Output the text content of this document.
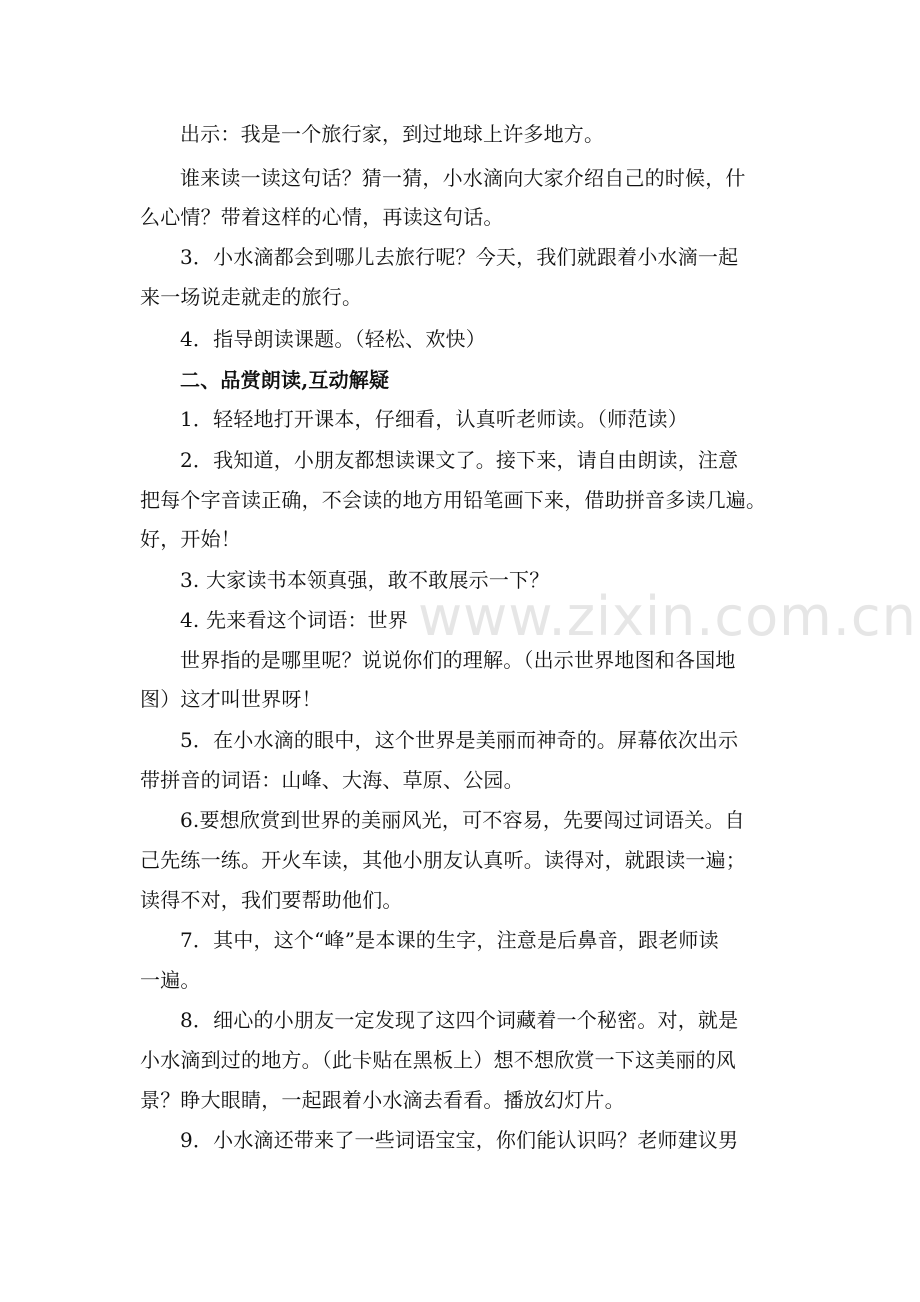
www.zixin.com.cn
出示：我是一个旅行家，到过地球上许多地方。
谁来读一读这句话？猜一猜，小水滴向大家介绍自己的时候，什
么心情？带着这样的心情，再读这句话。
3．小水滴都会到哪儿去旅行呢？今天，我们就跟着小水滴一起
来一场说走就走的旅行。
4．指导朗读课题。（轻松、欢快）
二、品赏朗读,互动解疑
1．轻轻地打开课本，仔细看，认真听老师读。（师范读）
2．我知道，小朋友都想读课文了。接下来，请自由朗读，注意
把每个字音读正确，不会读的地方用铅笔画下来，借助拼音多读几遍。
好，开始！
3. 大家读书本领真强，敢不敢展示一下？
4. 先来看这个词语：世界
世界指的是哪里呢？说说你们的理解。（出示世界地图和各国地
图）这才叫世界呀！
5．在小水滴的眼中，这个世界是美丽而神奇的。屏幕依次出示
带拼音的词语：山峰、大海、草原、公园。
6.要想欣赏到世界的美丽风光，可不容易，先要闯过词语关。自
己先练一练。开火车读，其他小朋友认真听。读得对，就跟读一遍；
读得不对，我们要帮助他们。
7．其中，这个“峰”是本课的生字，注意是后鼻音，跟老师读
一遍。
8．细心的小朋友一定发现了这四个词藏着一个秘密。对，就是
小水滴到过的地方。（此卡贴在黑板上）想不想欣赏一下这美丽的风
景？睁大眼睛，一起跟着小水滴去看看。播放幻灯片。
9．小水滴还带来了一些词语宝宝，你们能认识吗？老师建议男
